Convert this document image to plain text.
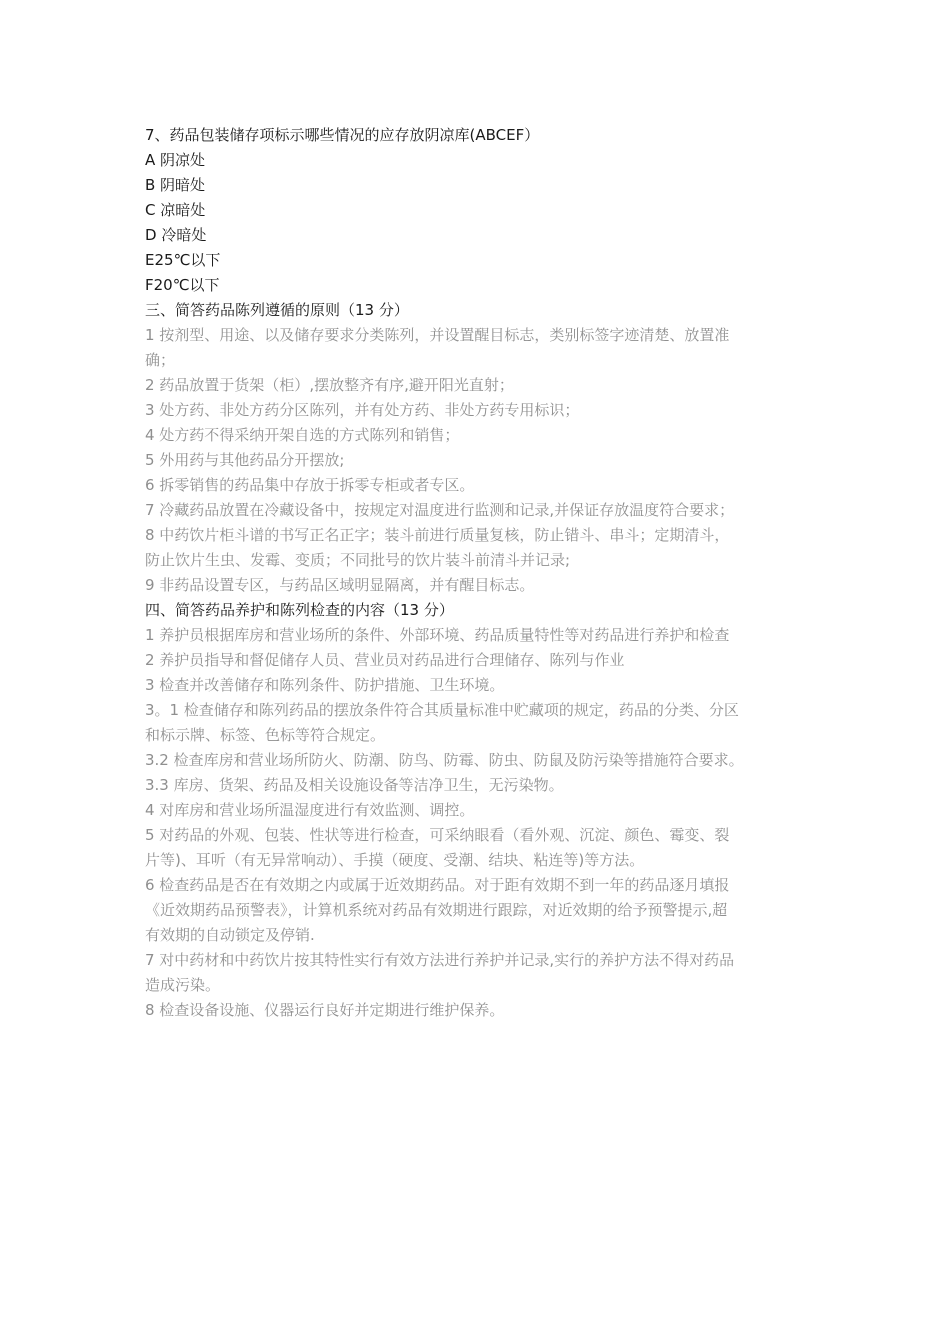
7、药品包装储存项标示哪些情况的应存放阴凉库(ABCEF）
A 阴凉处
B 阴暗处
C 凉暗处
D 冷暗处
E25℃以下
F20℃以下
三、简答药品陈列遵循的原则（13 分）
1 按剂型、用途、以及储存要求分类陈列，并设置醒目标志，类别标签字迹清楚、放置准
确；
2 药品放置于货架（柜）,摆放整齐有序,避开阳光直射；
3 处方药、非处方药分区陈列，并有处方药、非处方药专用标识；
4 处方药不得采纳开架自选的方式陈列和销售；
5 外用药与其他药品分开摆放;
6 拆零销售的药品集中存放于拆零专柜或者专区。
7 冷藏药品放置在冷藏设备中，按规定对温度进行监测和记录,并保证存放温度符合要求；
8 中药饮片柜斗谱的书写正名正字；装斗前进行质量复核，防止错斗、串斗；定期清斗，
防止饮片生虫、发霉、变质；不同批号的饮片装斗前清斗并记录;
9 非药品设置专区，与药品区域明显隔离，并有醒目标志。
四、简答药品养护和陈列检查的内容（13 分）
1 养护员根据库房和营业场所的条件、外部环境、药品质量特性等对药品进行养护和检查
2 养护员指导和督促储存人员、营业员对药品进行合理储存、陈列与作业
3 检查并改善储存和陈列条件、防护措施、卫生环境。
3。1 检查储存和陈列药品的摆放条件符合其质量标准中贮藏项的规定，药品的分类、分区
和标示牌、标签、色标等符合规定。
3.2 检查库房和营业场所防火、防潮、防鸟、防霉、防虫、防鼠及防污染等措施符合要求。
3.3 库房、货架、药品及相关设施设备等洁净卫生，无污染物。
4 对库房和营业场所温湿度进行有效监测、调控。
5 对药品的外观、包装、性状等进行检查，可采纳眼看（看外观、沉淀、颜色、霉变、裂
片等)、耳听（有无异常响动）、手摸（硬度、受潮、结块、粘连等)等方法。
6 检查药品是否在有效期之内或属于近效期药品。对于距有效期不到一年的药品逐月填报
《近效期药品预警表》，计算机系统对药品有效期进行跟踪，对近效期的给予预警提示,超
有效期的自动锁定及停销.
7 对中药材和中药饮片按其特性实行有效方法进行养护并记录,实行的养护方法不得对药品
造成污染。
8 检查设备设施、仪器运行良好并定期进行维护保养。
